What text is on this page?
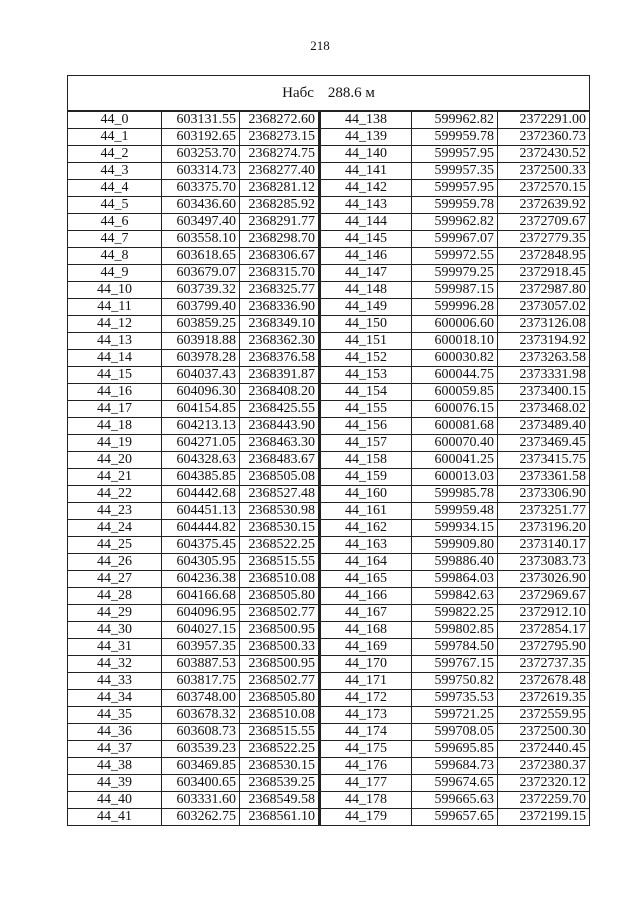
218
Набс 288.6 м					
44_0	603131.55	2368272.60	44_138	599962.82	2372291.00
44_1	603192.65	2368273.15	44_139	599959.78	2372360.73
44_2	603253.70	2368274.75	44_140	599957.95	2372430.52
44_3	603314.73	2368277.40	44_141	599957.35	2372500.33
44_4	603375.70	2368281.12	44_142	599957.95	2372570.15
44_5	603436.60	2368285.92	44_143	599959.78	2372639.92
44_6	603497.40	2368291.77	44_144	599962.82	2372709.67
44_7	603558.10	2368298.70	44_145	599967.07	2372779.35
44_8	603618.65	2368306.67	44_146	599972.55	2372848.95
44_9	603679.07	2368315.70	44_147	599979.25	2372918.45
44_10	603739.32	2368325.77	44_148	599987.15	2372987.80
44_11	603799.40	2368336.90	44_149	599996.28	2373057.02
44_12	603859.25	2368349.10	44_150	600006.60	2373126.08
44_13	603918.88	2368362.30	44_151	600018.10	2373194.92
44_14	603978.28	2368376.58	44_152	600030.82	2373263.58
44_15	604037.43	2368391.87	44_153	600044.75	2373331.98
44_16	604096.30	2368408.20	44_154	600059.85	2373400.15
44_17	604154.85	2368425.55	44_155	600076.15	2373468.02
44_18	604213.13	2368443.90	44_156	600081.68	2373489.40
44_19	604271.05	2368463.30	44_157	600070.40	2373469.45
44_20	604328.63	2368483.67	44_158	600041.25	2373415.75
44_21	604385.85	2368505.08	44_159	600013.03	2373361.58
44_22	604442.68	2368527.48	44_160	599985.78	2373306.90
44_23	604451.13	2368530.98	44_161	599959.48	2373251.77
44_24	604444.82	2368530.15	44_162	599934.15	2373196.20
44_25	604375.45	2368522.25	44_163	599909.80	2373140.17
44_26	604305.95	2368515.55	44_164	599886.40	2373083.73
44_27	604236.38	2368510.08	44_165	599864.03	2373026.90
44_28	604166.68	2368505.80	44_166	599842.63	2372969.67
44_29	604096.95	2368502.77	44_167	599822.25	2372912.10
44_30	604027.15	2368500.95	44_168	599802.85	2372854.17
44_31	603957.35	2368500.33	44_169	599784.50	2372795.90
44_32	603887.53	2368500.95	44_170	599767.15	2372737.35
44_33	603817.75	2368502.77	44_171	599750.82	2372678.48
44_34	603748.00	2368505.80	44_172	599735.53	2372619.35
44_35	603678.32	2368510.08	44_173	599721.25	2372559.95
44_36	603608.73	2368515.55	44_174	599708.05	2372500.30
44_37	603539.23	2368522.25	44_175	599695.85	2372440.45
44_38	603469.85	2368530.15	44_176	599684.73	2372380.37
44_39	603400.65	2368539.25	44_177	599674.65	2372320.12
44_40	603331.60	2368549.58	44_178	599665.63	2372259.70
44_41	603262.75	2368561.10	44_179	599657.65	2372199.15
